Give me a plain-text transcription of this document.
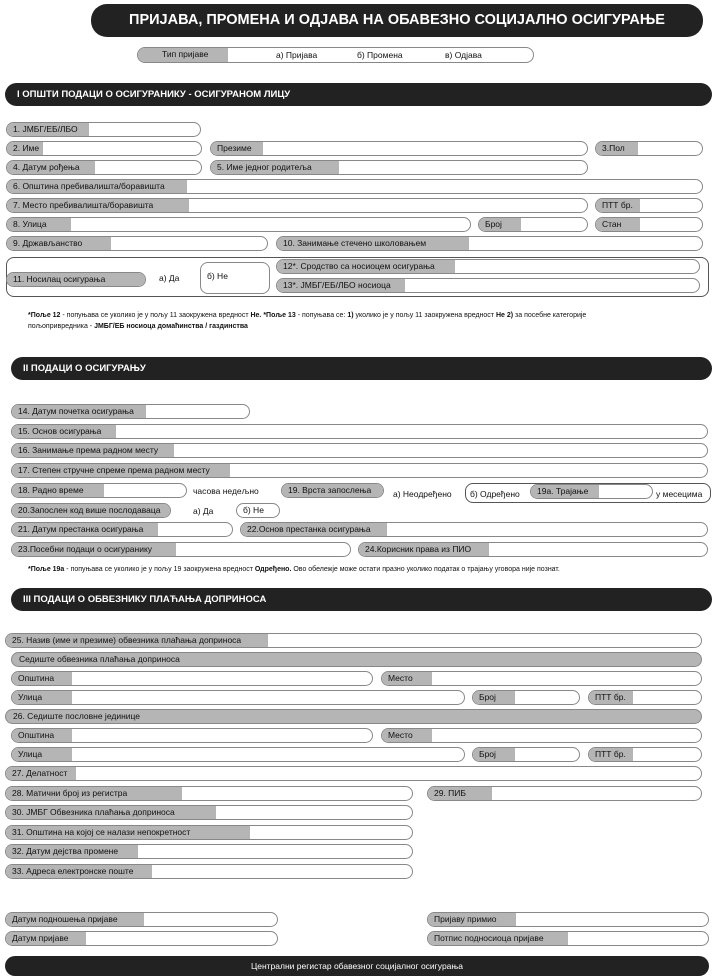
ПРИЈАВА, ПРОМЕНА И ОДЈАВА НА ОБАВЕЗНО СОЦИЈАЛНО ОСИГУРАЊЕ
Тип пријаве	а) Пријава	б) Промена	в) Одјава
I ОПШТИ ПОДАЦИ О ОСИГУРАНИКУ - ОСИГУРАНОМ ЛИЦУ
1. ЈМБГ/ЕБ/ЛБО
2. Име	Презиме	3.Пол
4. Датум рођења	5. Име једног родитеља
6. Општина пребивалишта/боравишта
7. Место пребивалишта/боравишта	ПТТ бр.
8. Улица	Број	Стан
9. Држављанство	10. Занимање стечено школовањем
11. Носилац осигурања	а) Да	б) Не
12*. Сродство са носиоцем осигурања
13*. ЈМБГ/ЕБ/ЛБО носиоца
*Поље 12 - попуњава се уколико је у пољу 11 заокружена вредност Не. *Поље 13 - попуњава се: 1) уколико је у пољу 11 заокружена вредност Не 2) за посебне категорије
пољопривредника - ЈМБГ/ЕБ носиоца домаћинства / газдинства
II ПОДАЦИ О ОСИГУРАЊУ
14. Датум почетка осигурања
15. Основ осигурања
16. Занимање према радном месту
17. Степен стручне спреме према радном месту
18. Радно време	часова недељно	19. Врста запослења	а) Неодређено б) Одређено	19а. Трајање	у месецима
20.Запослен код више послодаваца	а) Да	б) Не
21. Датум престанка осигурања	22.Основ престанка осигурања
23.Посебни подаци о осигуранику	24.Корисник права из ПИО
*Поље 19а - попуњава се уколико је у пољу 19 заокружена вредност Одређено. Ово обележје може остати празно уколико податак о трајању уговора није познат.
III ПОДАЦИ О ОБВЕЗНИКУ ПЛАЋАЊА ДОПРИНОСА
25. Назив (име и презиме) обвезника плаћања доприноса
Седиште обвезника плаћања доприноса
Општина	Место
Улица	Број	ПТТ бр.
26. Седиште пословне јединице
Општина	Место
Улица	Број	ПТТ бр.
27. Делатност
28. Матични број из регистра	29. ПИБ
30. ЈМБГ Обвезника плаћања доприноса
31. Општина на којој се налази непокретност
32. Датум дејства промене
33. Адреса електронске поште
Датум подношења пријаве	Пријаву примио
Датум пријаве	Потпис подносиоца пријаве
Централни регистар обавезног социјалног осигурања
